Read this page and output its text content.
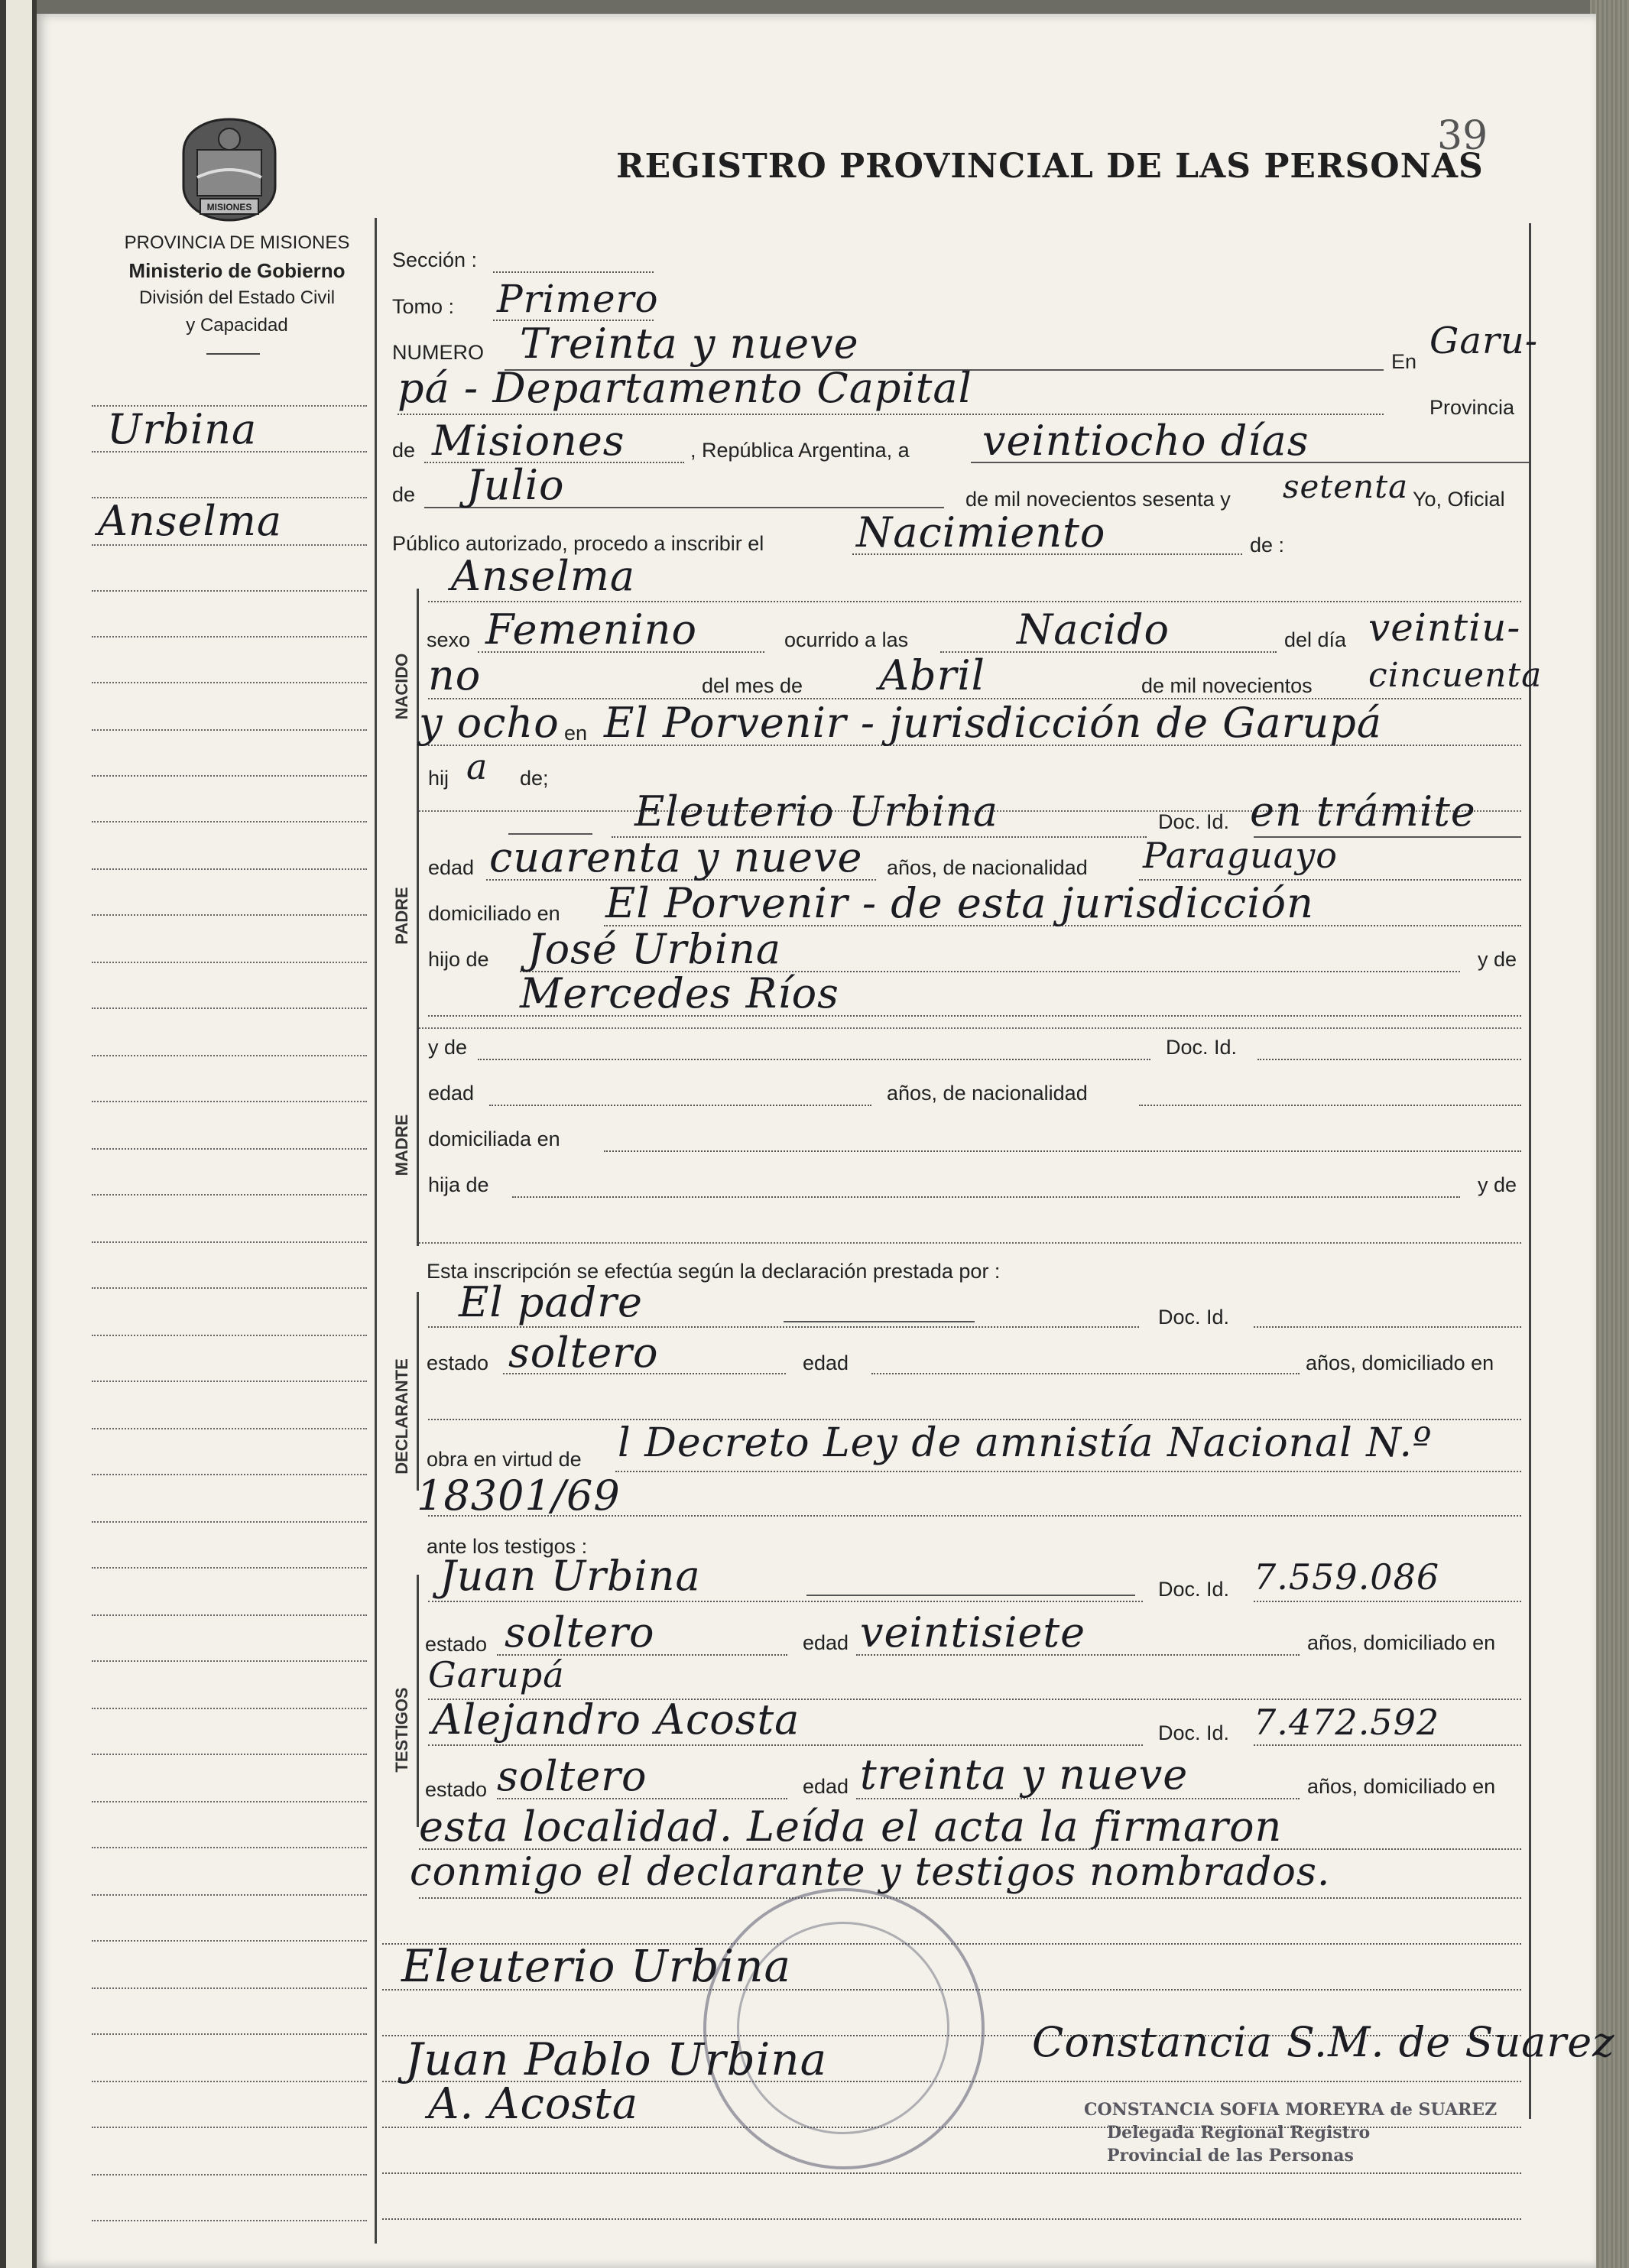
MISIONES
PROVINCIA DE MISIONES
Ministerio de Gobierno
División del Estado Civil
y Capacidad
REGISTRO PROVINCIAL DE LAS PERSONAS
39
Urbina
Anselma
NACIDO
PADRE
MADRE
DECLARANTE
TESTIGOS
Sección :
Tomo : Primero
NUMERO Treinta y nueve	En Garu-
pá - Departamento Capital	Provincia
de Misiones	, República Argentina, a veintiocho días
de Julio	de mil novecientos sesenta y setenta Yo, Oficial
Público autorizado, procedo a inscribir el Nacimiento	de :
Anselma
sexo Femenino	ocurrido a las	Nacido	del día veintiu-
no	del mes de Abril	de mil novecientos cincuenta
y ocho en El Porvenir - jurisdicción de Garupá
hij a de;
Eleuterio Urbina	Doc. Id. en trámite
edad cuarenta y nueve años, de nacionalidad Paraguayo
domiciliado en El Porvenir - de esta jurisdicción
hijo de José Urbina	y de
Mercedes Ríos
y de	Doc. Id.
edad	años, de nacionalidad
domiciliada en
hija de	y de
Esta inscripción se efectúa según la declaración prestada por :
El padre	Doc. Id.
estado soltero	edad	años, domiciliado en
obra en virtud de l Decreto Ley de amnistía Nacional N.º
18301/69
ante los testigos :
Juan Urbina	Doc. Id. 7.559.086
estado soltero	edad veintisiete	años, domiciliado en
Garupá
Alejandro Acosta	Doc. Id. 7.472.592
estado soltero	edad treinta y nueve	años, domiciliado en
esta localidad. Leída el acta la firmaron
conmigo el declarante y testigos nombrados.
Eleuterio Urbina
Juan Pablo Urbina
A. Acosta
Constancia S.M. de Suarez
CONSTANCIA SOFIA MOREYRA de SUAREZ
Delegada Regional Registro
Provincial de las Personas
